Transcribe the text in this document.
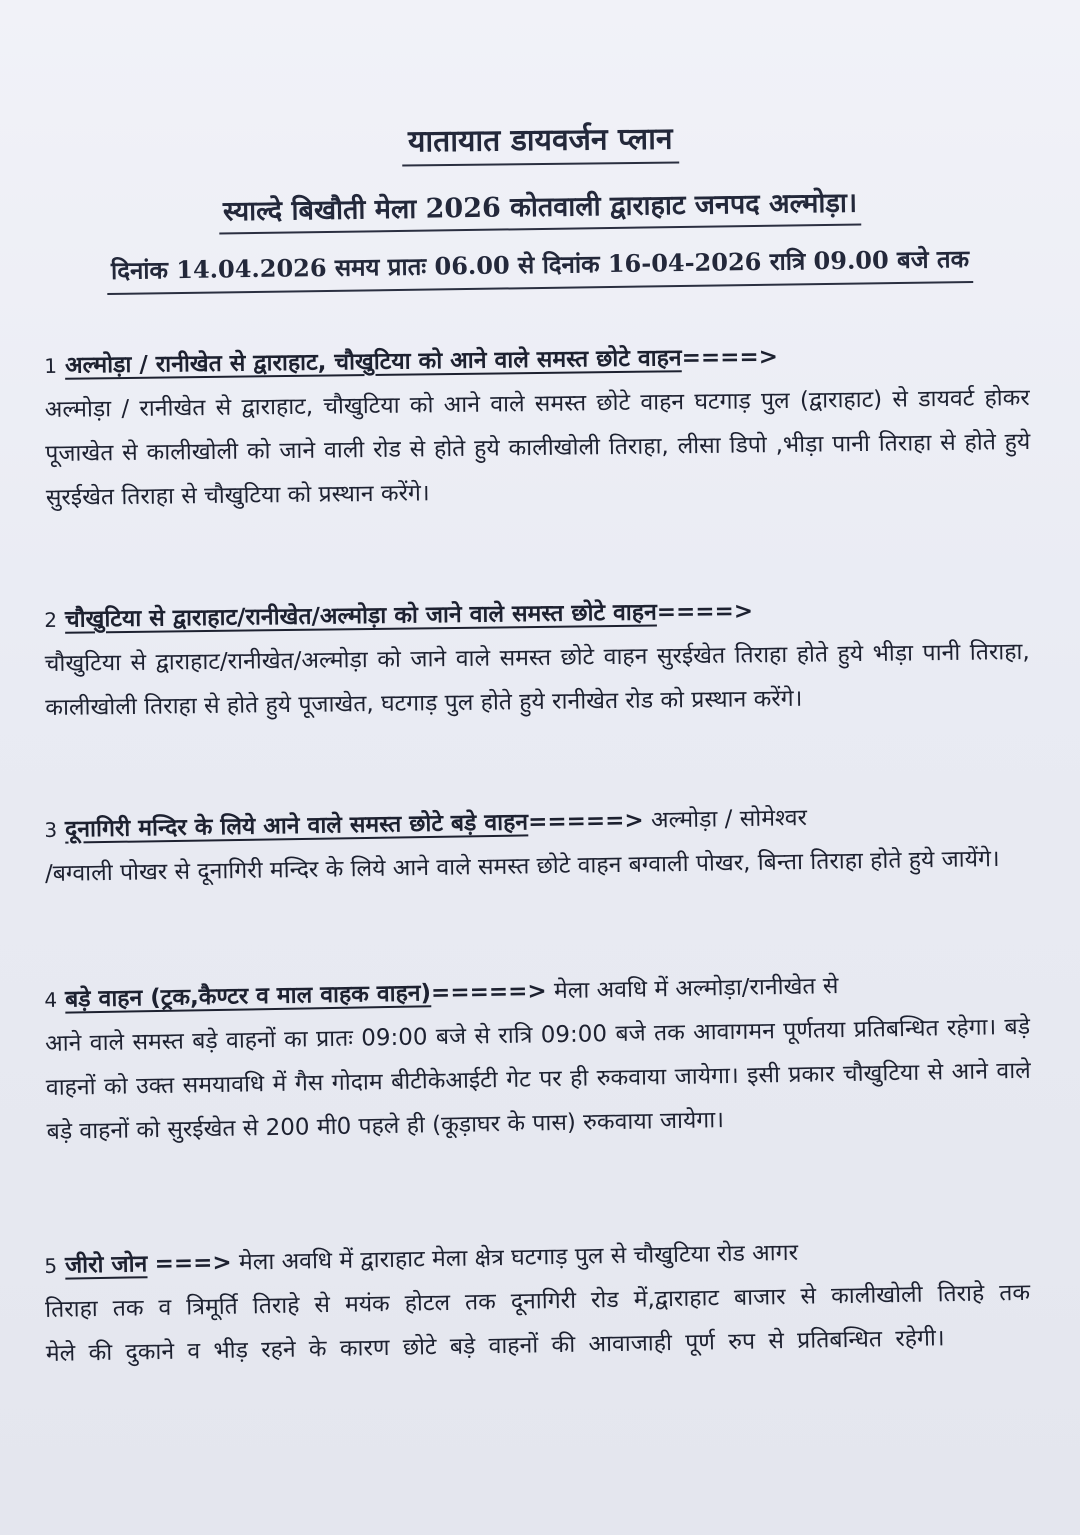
यातायात डायवर्जन प्लान
स्याल्दे बिखौती मेला 2026 कोतवाली द्वाराहाट जनपद अल्मोड़ा।
दिनांक 14.04.2026 समय प्रातः 06.00 से दिनांक 16-04-2026 रात्रि 09.00 बजे तक
1 अल्मोड़ा / रानीखेत से द्वाराहाट, चौखुटिया को आने वाले समस्त छोटे वाहन====>
अल्मोड़ा / रानीखेत से द्वाराहाट, चौखुटिया को आने वाले समस्त छोटे वाहन घटगाड़ पुल (द्वाराहाट) से डायवर्ट होकर पूजाखेत से कालीखोली को जाने वाली रोड से होते हुये कालीखोली तिराहा, लीसा डिपो ,भीड़ा पानी तिराहा से होते हुये सुरईखेत तिराहा से चौखुटिया को प्रस्थान करेंगे।
2 चौखुटिया से द्वाराहाट/रानीखेत/अल्मोड़ा को जाने वाले समस्त छोटे वाहन====>
चौखुटिया से द्वाराहाट/रानीखेत/अल्मोड़ा को जाने वाले समस्त छोटे वाहन सुरईखेत तिराहा होते हुये भीड़ा पानी तिराहा, कालीखोली तिराहा से होते हुये पूजाखेत, घटगाड़ पुल होते हुये रानीखेत रोड को प्रस्थान करेंगे।
3 दूनागिरी मन्दिर के लिये आने वाले समस्त छोटे बड़े वाहन=====> अल्मोड़ा / सोमेश्वर
/बग्वाली पोखर से दूनागिरी मन्दिर के लिये आने वाले समस्त छोटे वाहन बग्वाली पोखर, बिन्ता तिराहा होते हुये जायेंगे।
4 बड़े वाहन (ट्रक,कैण्टर व माल वाहक वाहन)=====> मेला अवधि में अल्मोड़ा/रानीखेत से
आने वाले समस्त बड़े वाहनों का प्रातः 09:00 बजे से रात्रि 09:00 बजे तक आवागमन पूर्णतया प्रतिबन्धित रहेगा। बड़े वाहनों को उक्त समयावधि में गैस गोदाम बीटीकेआईटी गेट पर ही रुकवाया जायेगा। इसी प्रकार चौखुटिया से आने वाले बड़े वाहनों को सुरईखेत से 200 मी0 पहले ही (कूड़ाघर के पास) रुकवाया जायेगा।
5 जीरो जोन ===> मेला अवधि में द्वाराहाट मेला क्षेत्र घटगाड़ पुल से चौखुटिया रोड आगर
तिराहा तक व त्रिमूर्ति तिराहे से मयंक होटल तक दूनागिरी रोड में,द्वाराहाट बाजार से कालीखोली तिराहे तक मेले की दुकाने व भीड़ रहने के कारण छोटे बड़े वाहनों की आवाजाही पूर्ण रुप से प्रतिबन्धित रहेगी।
